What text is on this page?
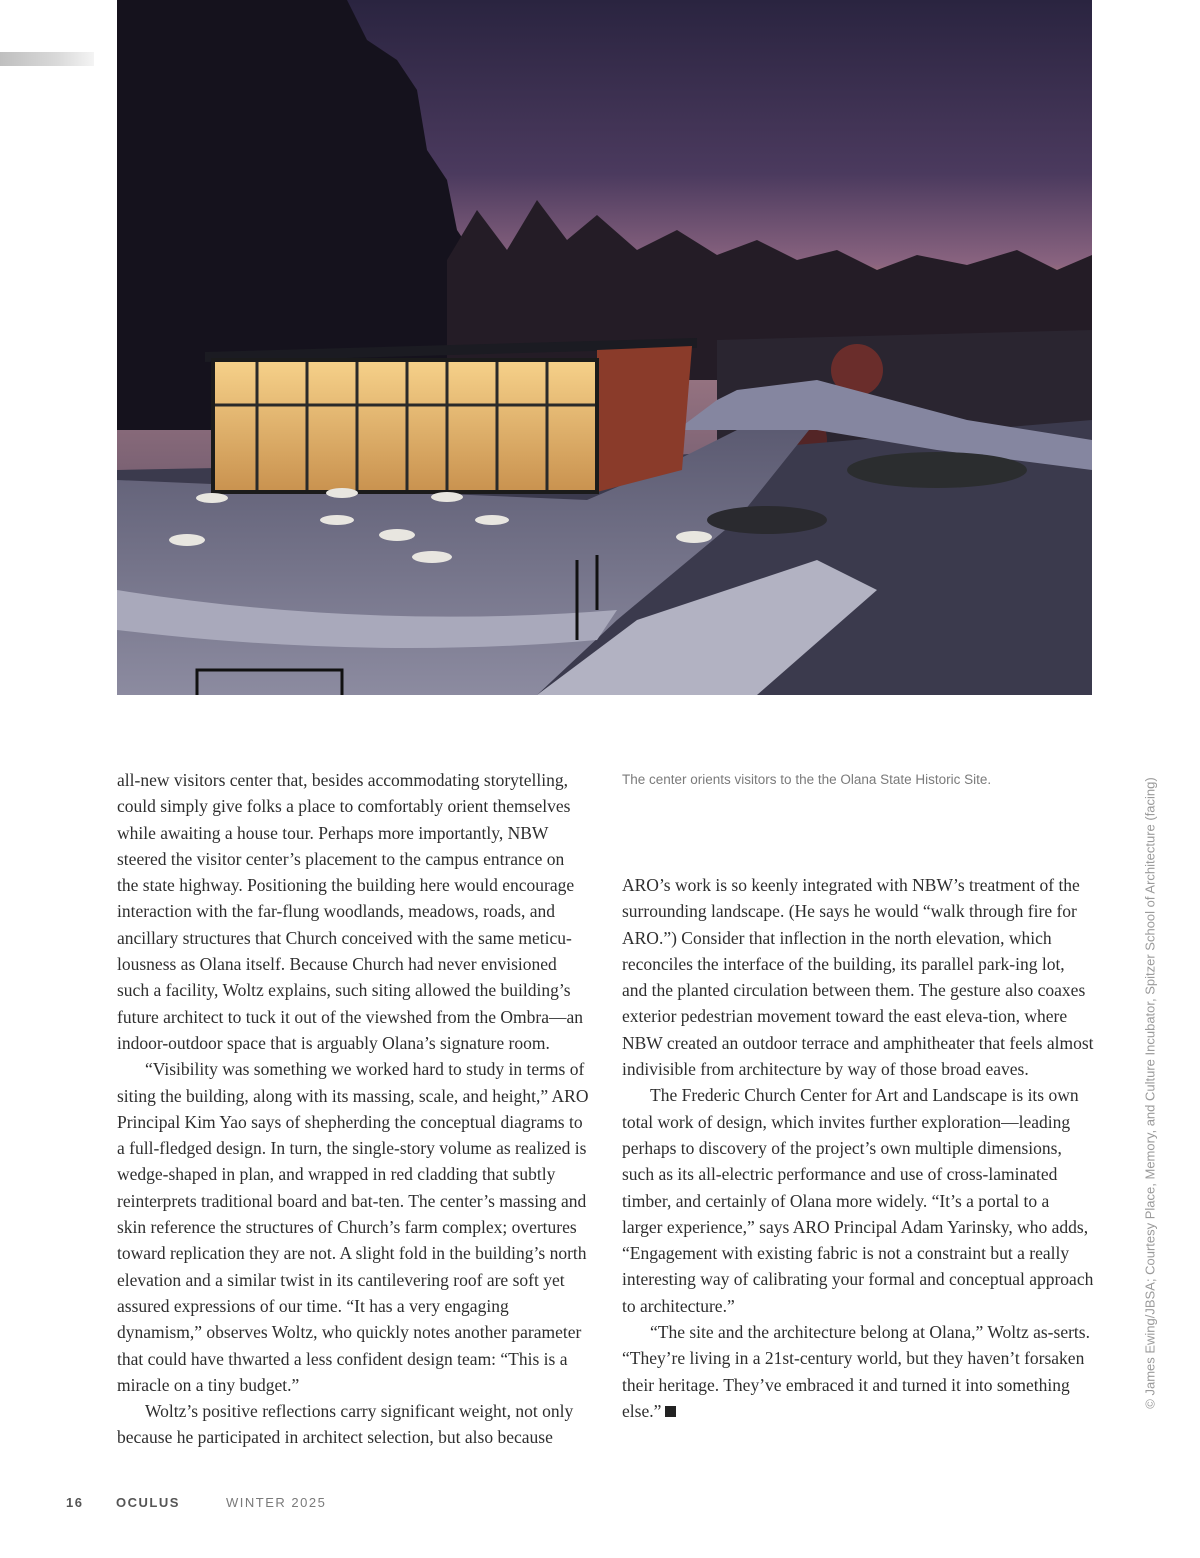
all-new visitors center that, besides accommodating storytelling, could simply give folks a place to comfortably orient themselves while awaiting a house tour. Perhaps more importantly, NBW steered the visitor center’s placement to the campus entrance on the state highway. Positioning the building here would encourage interaction with the far-flung woodlands, meadows, roads, and ancillary structures that Church conceived with the same meticu-lousness as Olana itself. Because Church had never envisioned such a facility, Woltz explains, such siting allowed the building’s future architect to tuck it out of the viewshed from the Ombra—an indoor-outdoor space that is arguably Olana’s signature room.

“Visibility was something we worked hard to study in terms of siting the building, along with its massing, scale, and height,” ARO Principal Kim Yao says of shepherding the conceptual diagrams to a full-fledged design. In turn, the single-story volume as realized is wedge-shaped in plan, and wrapped in red cladding that subtly reinterprets traditional board and bat-ten. The center’s massing and skin reference the structures of Church’s farm complex; overtures toward replication they are not. A slight fold in the building’s north elevation and a similar twist in its cantilevering roof are soft yet assured expressions of our time. “It has a very engaging dynamism,” observes Woltz, who quickly notes another parameter that could have thwarted a less confident design team: “This is a miracle on a tiny budget.”

Woltz’s positive reflections carry significant weight, not only because he participated in architect selection, but also because

The center orients visitors to the the Olana State Historic Site.

ARO’s work is so keenly integrated with NBW’s treatment of the surrounding landscape. (He says he would “walk through fire for ARO.”) Consider that inflection in the north elevation, which reconciles the interface of the building, its parallel park-ing lot, and the planted circulation between them. The gesture also coaxes exterior pedestrian movement toward the east eleva-tion, where NBW created an outdoor terrace and amphitheater that feels almost indivisible from architecture by way of those broad eaves.

The Frederic Church Center for Art and Landscape is its own total work of design, which invites further exploration—leading perhaps to discovery of the project’s own multiple dimensions, such as its all-electric performance and use of cross-laminated timber, and certainly of Olana more widely. “It’s a portal to a larger experience,” says ARO Principal Adam Yarinsky, who adds, “Engagement with existing fabric is not a constraint but a really interesting way of calibrating your formal and conceptual approach to architecture.”

“The site and the architecture belong at Olana,” Woltz as-serts. “They’re living in a 21st-century world, but they haven’t forsaken their heritage. They’ve embraced it and turned it into something else.”

© James Ewing/JBSA; Courtesy Place, Memory, and Culture Incubator, Spitzer School of Architecture (facing)
16	OCULUS	WINTER 2025
